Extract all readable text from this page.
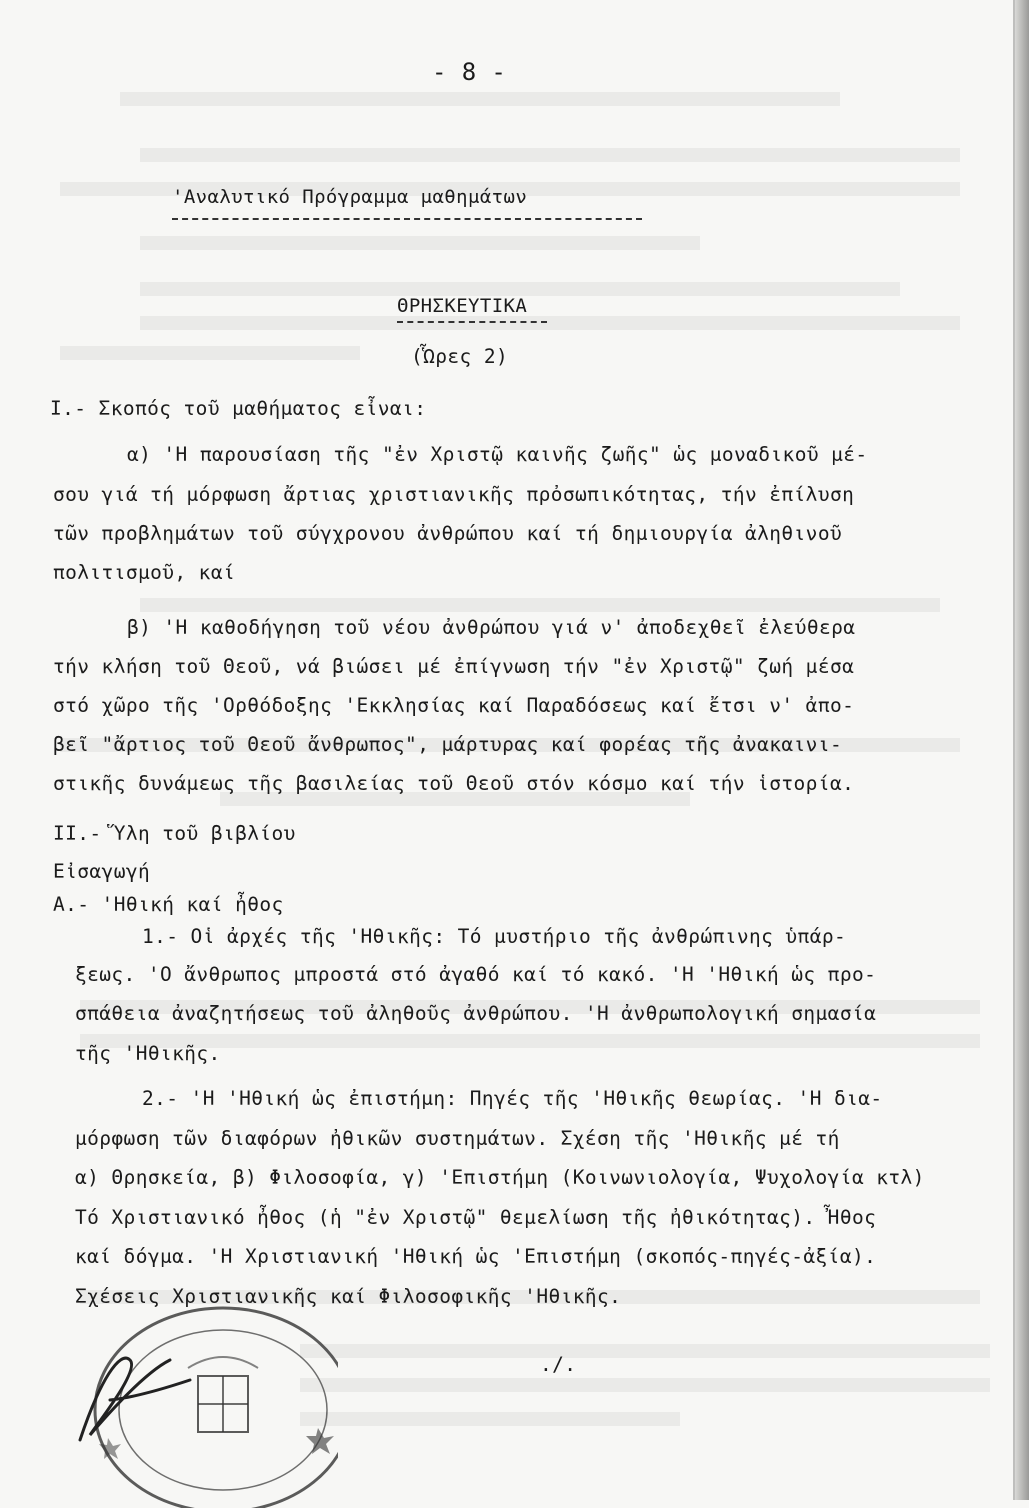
- 8 -
'Αναλυτικό Πρόγραμμα μαθημάτων
ΘΡΗΣΚΕΥΤΙΚΑ
(Ὧρες 2)
Ι.- Σκοπός τοῦ μαθήματος εἶναι:
α) 'Η παρουσίαση τῆς "ἐν Χριστῷ καινῆς ζωῆς" ὡς μοναδικοῦ μέ-
σου γιά τή μόρφωση ἄρτιας χριστιανικῆς πρὀσωπικότητας, τήν ἐπίλυση
τῶν προβλημάτων τοῦ σύγχρονου ἀνθρώπου καί τή δημιουργία ἀληθινοῦ
πολιτισμοῦ, καί
β) 'Η καθοδήγηση τοῦ νέου ἀνθρώπου γιά ν' ἀποδεχθεῖ ἐλεύθερα
τήν κλήση τοῦ Θεοῦ, νά βιώσει μέ ἐπίγνωση τήν "ἐν Χριστῷ" ζωή μέσα
στό χῶρο τῆς 'Ορθόδοξης 'Εκκλησίας καί Παραδόσεως καί ἔτσι ν' ἀπο-
βεῖ "ἄρτιος τοῦ Θεοῦ ἄνθρωπος", μάρτυρας καί φορέας τῆς ἀνακαινι-
στικῆς δυνάμεως τῆς βασιλείας τοῦ Θεοῦ στόν κόσμο καί τήν ἱστορία.
ΙΙ.- Ὕλη τοῦ βιβλίου
Εἰσαγωγή
Α.- 'Ηθική καί ἦθος
1.- Οἱ ἀρχές τῆς 'Ηθικῆς: Τό μυστήριο τῆς ἀνθρώπινης ὑπάρ-
ξεως. 'Ο ἄνθρωπος μπροστά στό ἀγαθό καί τό κακό. 'Η 'Ηθική ὡς προ-
σπάθεια ἀναζητήσεως τοῦ ἀληθοῦς ἀνθρώπου. 'Η ἀνθρωπολογική σημασία
τῆς 'Ηθικῆς.
2.- 'Η 'Ηθική ὡς ἐπιστήμη: Πηγές τῆς 'Ηθικῆς θεωρίας. 'Η δια-
μόρφωση τῶν διαφόρων ἠθικῶν συστημάτων. Σχέση τῆς 'Ηθικῆς μέ τή
α) Θρησκεία, β) Φιλοσοφία, γ) 'Επιστήμη (Κοινωνιολογία, Ψυχολογία κτλ)
Τό Χριστιανικό ἦθος (ἡ "ἐν Χριστῷ" θεμελίωση τῆς ἠθικότητας). Ἦθος
καί δόγμα. 'Η Χριστιανική 'Ηθική ὡς 'Επιστήμη (σκοπός-πηγές-ἀξία).
Σχέσεις Χριστιανικῆς καί Φιλοσοφικῆς 'Ηθικῆς.
./.
